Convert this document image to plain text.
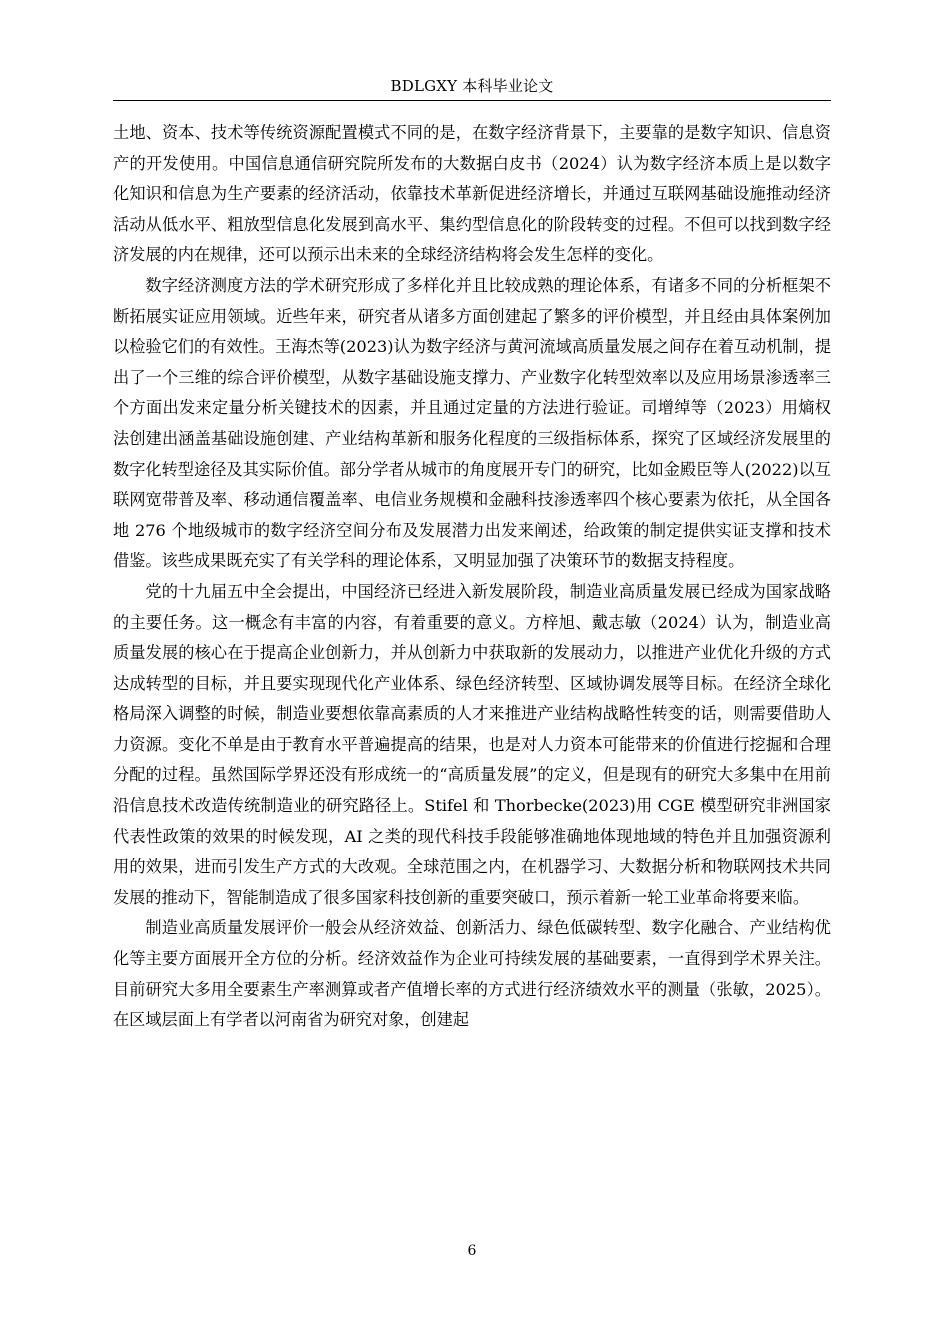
BDLGXY 本科毕业论文

土地、资本、技术等传统资源配置模式不同的是，在数字经济背景下，主要靠的是数字知识、信息资产的开发使用。中国信息通信研究院所发布的大数据白皮书（2024）认为数字经济本质上是以数字化知识和信息为生产要素的经济活动，依靠技术革新促进经济增长，并通过互联网基础设施推动经济活动从低水平、粗放型信息化发展到高水平、集约型信息化的阶段转变的过程。不但可以找到数字经济发展的内在规律，还可以预示出未来的全球经济结构将会发生怎样的变化。

数字经济测度方法的学术研究形成了多样化并且比较成熟的理论体系，有诸多不同的分析框架不断拓展实证应用领域。近些年来，研究者从诸多方面创建起了繁多的评价模型，并且经由具体案例加以检验它们的有效性。王海杰等(2023)认为数字经济与黄河流域高质量发展之间存在着互动机制，提出了一个三维的综合评价模型，从数字基础设施支撑力、产业数字化转型效率以及应用场景渗透率三个方面出发来定量分析关键技术的因素，并且通过定量的方法进行验证。司增绰等（2023）用熵权法创建出涵盖基础设施创建、产业结构革新和服务化程度的三级指标体系，探究了区域经济发展里的数字化转型途径及其实际价值。部分学者从城市的角度展开专门的研究，比如金殿臣等人(2022)以互联网宽带普及率、移动通信覆盖率、电信业务规模和金融科技渗透率四个核心要素为依托，从全国各地 276 个地级城市的数字经济空间分布及发展潜力出发来阐述，给政策的制定提供实证支撑和技术借鉴。该些成果既充实了有关学科的理论体系，又明显加强了决策环节的数据支持程度。

党的十九届五中全会提出，中国经济已经进入新发展阶段，制造业高质量发展已经成为国家战略的主要任务。这一概念有丰富的内容，有着重要的意义。方梓旭、戴志敏（2024）认为，制造业高质量发展的核心在于提高企业创新力，并从创新力中获取新的发展动力，以推进产业优化升级的方式达成转型的目标，并且要实现现代化产业体系、绿色经济转型、区域协调发展等目标。在经济全球化格局深入调整的时候，制造业要想依靠高素质的人才来推进产业结构战略性转变的话，则需要借助人力资源。变化不单是由于教育水平普遍提高的结果，也是对人力资本可能带来的价值进行挖掘和合理分配的过程。虽然国际学界还没有形成统一的“高质量发展”的定义，但是现有的研究大多集中在用前沿信息技术改造传统制造业的研究路径上。Stifel 和 Thorbecke(2023)用 CGE 模型研究非洲国家代表性政策的效果的时候发现，AI 之类的现代科技手段能够准确地体现地域的特色并且加强资源利用的效果，进而引发生产方式的大改观。全球范围之内，在机器学习、大数据分析和物联网技术共同发展的推动下，智能制造成了很多国家科技创新的重要突破口，预示着新一轮工业革命将要来临。

制造业高质量发展评价一般会从经济效益、创新活力、绿色低碳转型、数字化融合、产业结构优化等主要方面展开全方位的分析。经济效益作为企业可持续发展的基础要素，一直得到学术界关注。目前研究大多用全要素生产率测算或者产值增长率的方式进行经济绩效水平的测量（张敏，2025）。在区域层面上有学者以河南省为研究对象，创建起

6
